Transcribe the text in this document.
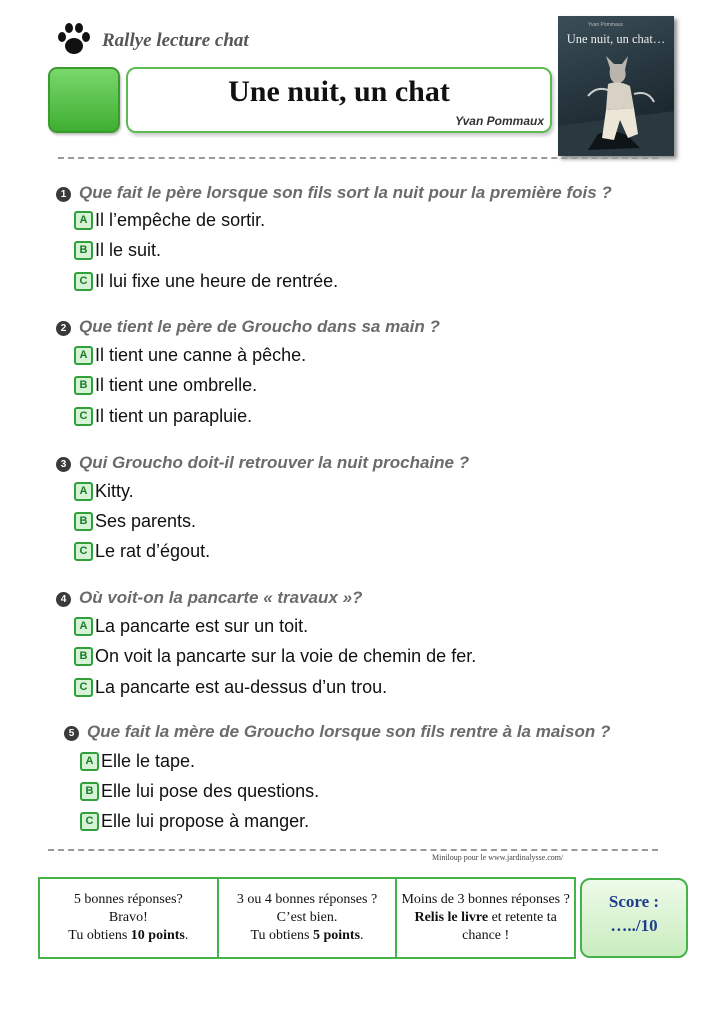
Rallye lecture chat
Une nuit, un chat
Yvan Pommaux
Yvan Pommaux
Une nuit, un chat…
1 Que fait le père lorsque son fils sort la nuit pour la première fois ?
A Il l’empêche de sortir.
B Il le suit.
C Il lui fixe une heure de rentrée.
2 Que tient le père de Groucho dans sa main ?
A Il tient une canne à pêche.
B Il tient une ombrelle.
C Il tient un parapluie.
3 Qui Groucho doit-il retrouver la nuit prochaine ?
A Kitty.
B Ses parents.
C Le rat d’égout.
4 Où voit-on la pancarte « travaux »?
A La pancarte est sur un toit.
B On voit la pancarte sur la voie de chemin de fer.
C La pancarte est au-dessus d’un trou.
5 Que fait la mère de Groucho lorsque son fils rentre à la maison ?
A Elle le tape.
B Elle lui pose des questions.
C Elle lui propose à manger.
Miniloup pour le www.jardinalysse.com/
5 bonnes réponses?
Bravo!
Tu obtiens 10 points.
3 ou 4 bonnes réponses ?
C’est bien.
Tu obtiens 5 points.
Moins de 3 bonnes réponses ?
Relis le livre et retente ta chance !
Score :
…../10
